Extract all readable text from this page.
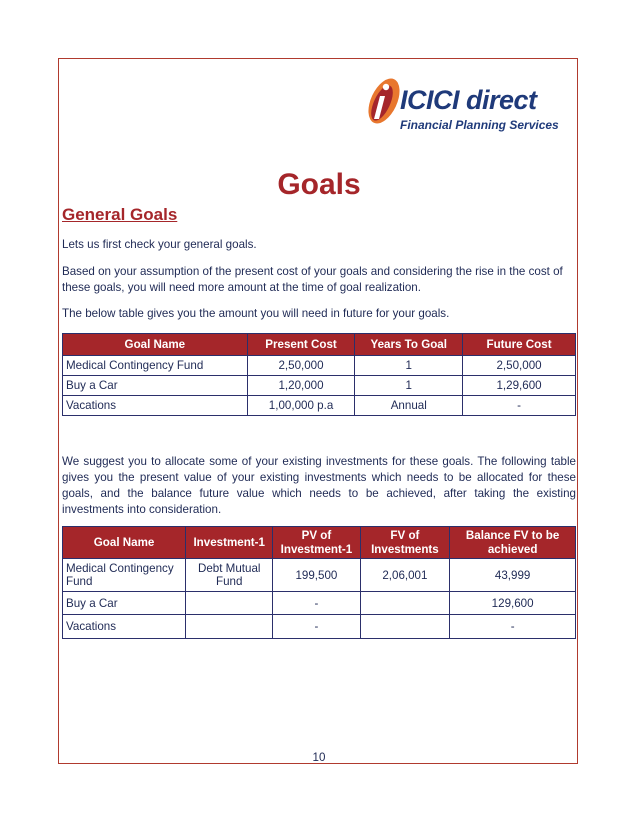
ICICI direct
Financial Planning Services
Goals
General Goals
Lets us first check your general goals.
Based on your assumption of the present cost of your goals and considering the rise in the cost of these goals, you will need more amount at the time of goal realization.
The below table gives you the amount you will need in future for your goals.
Goal Name	Present Cost	Years To Goal	Future Cost
Medical Contingency Fund	2,50,000	1	2,50,000
Buy a Car	1,20,000	1	1,29,600
Vacations	1,00,000 p.a	Annual	-
We suggest you to allocate some of your existing investments for these goals. The following table gives you the present value of your existing investments which needs to be allocated for these goals, and the balance future value which needs to be achieved, after taking the existing investments into consideration.
Goal Name	Investment-1	PV of Investment-1	FV of Investments	Balance FV to be achieved
Medical Contingency Fund	Debt Mutual Fund	199,500	2,06,001	43,999
Buy a Car		-		129,600
Vacations		-		-
10
